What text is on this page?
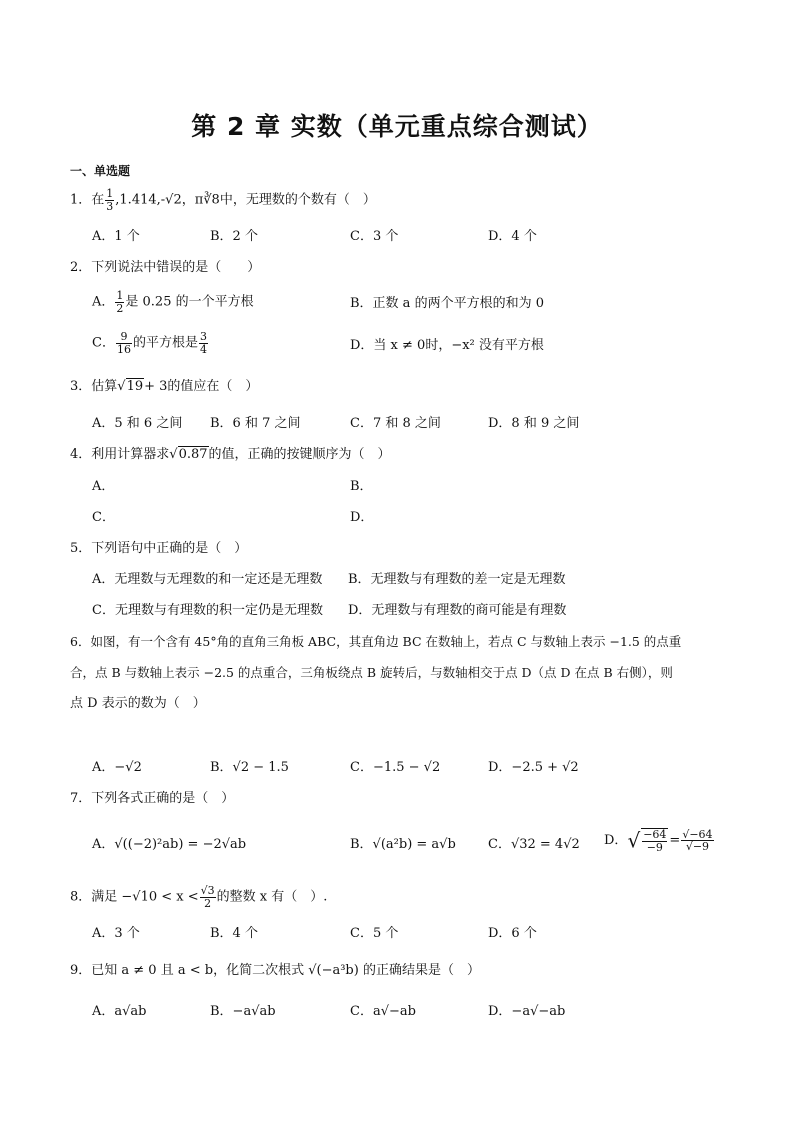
第 2 章 实数（单元重点综合测试）
一、单选题
1．在 $\frac{1}{3} ,1.414,-√2$，π∛8中，无理数的个数有（　）
A．1 个	B．2 个	C．3 个	D．4 个
2．下列说法中错误的是（　　）
A． $\frac{1}{2}$ 是 0.25 的一个平方根	B．正数 a 的两个平方根的和为 0
C． $\frac{9}{16}$ 的平方根是 $\frac{3}{4}$	D．当 x ≠ 0时，−x² 没有平方根
3．估算√19+ 3的值应在（　）
A．5 和 6 之间 B．6 和 7 之间	C．7 和 8 之间	D．8 和 9 之间
4．利用计算器求√0.87的值，正确的按键顺序为（　）
A．	B．
C．	D．
5．下列语句中正确的是（　）
A．无理数与无理数的和一定还是无理数 B．无理数与有理数的差一定是无理数
C．无理数与有理数的积一定仍是无理数 D．无理数与有理数的商可能是有理数
6．如图，有一个含有 45°角的直角三角板 ABC，其直角边 BC 在数轴上，若点 C 与数轴上表示 −1.5 的点重
合，点 B 与数轴上表示 −2.5 的点重合，三角板绕点 B 旋转后，与数轴相交于点 D（点 D 在点 B 右侧），则
点 D 表示的数为（　）
A．−√2	B．√2 − 1.5	C．−1.5 − √2	D．−2.5 + √2
7．下列各式正确的是（　）
A．√((−2)²ab) = −2√ab	B．√(a²b) = a√b C．√32 = 4√2 D．√ $\frac{-64}{-9} = \frac{√-64}{√-9}$
8．满足 $-√10 < x < \frac{√3}{2}$ 的整数 x 有（　）.
A．3 个	B．4 个	C．5 个	D．6 个
9．已知 a ≠ 0 且 a < b，化简二次根式 √(−a³b) 的正确结果是（　）
A．a√ab	B．−a√ab	C．a√−ab	D．−a√−ab
